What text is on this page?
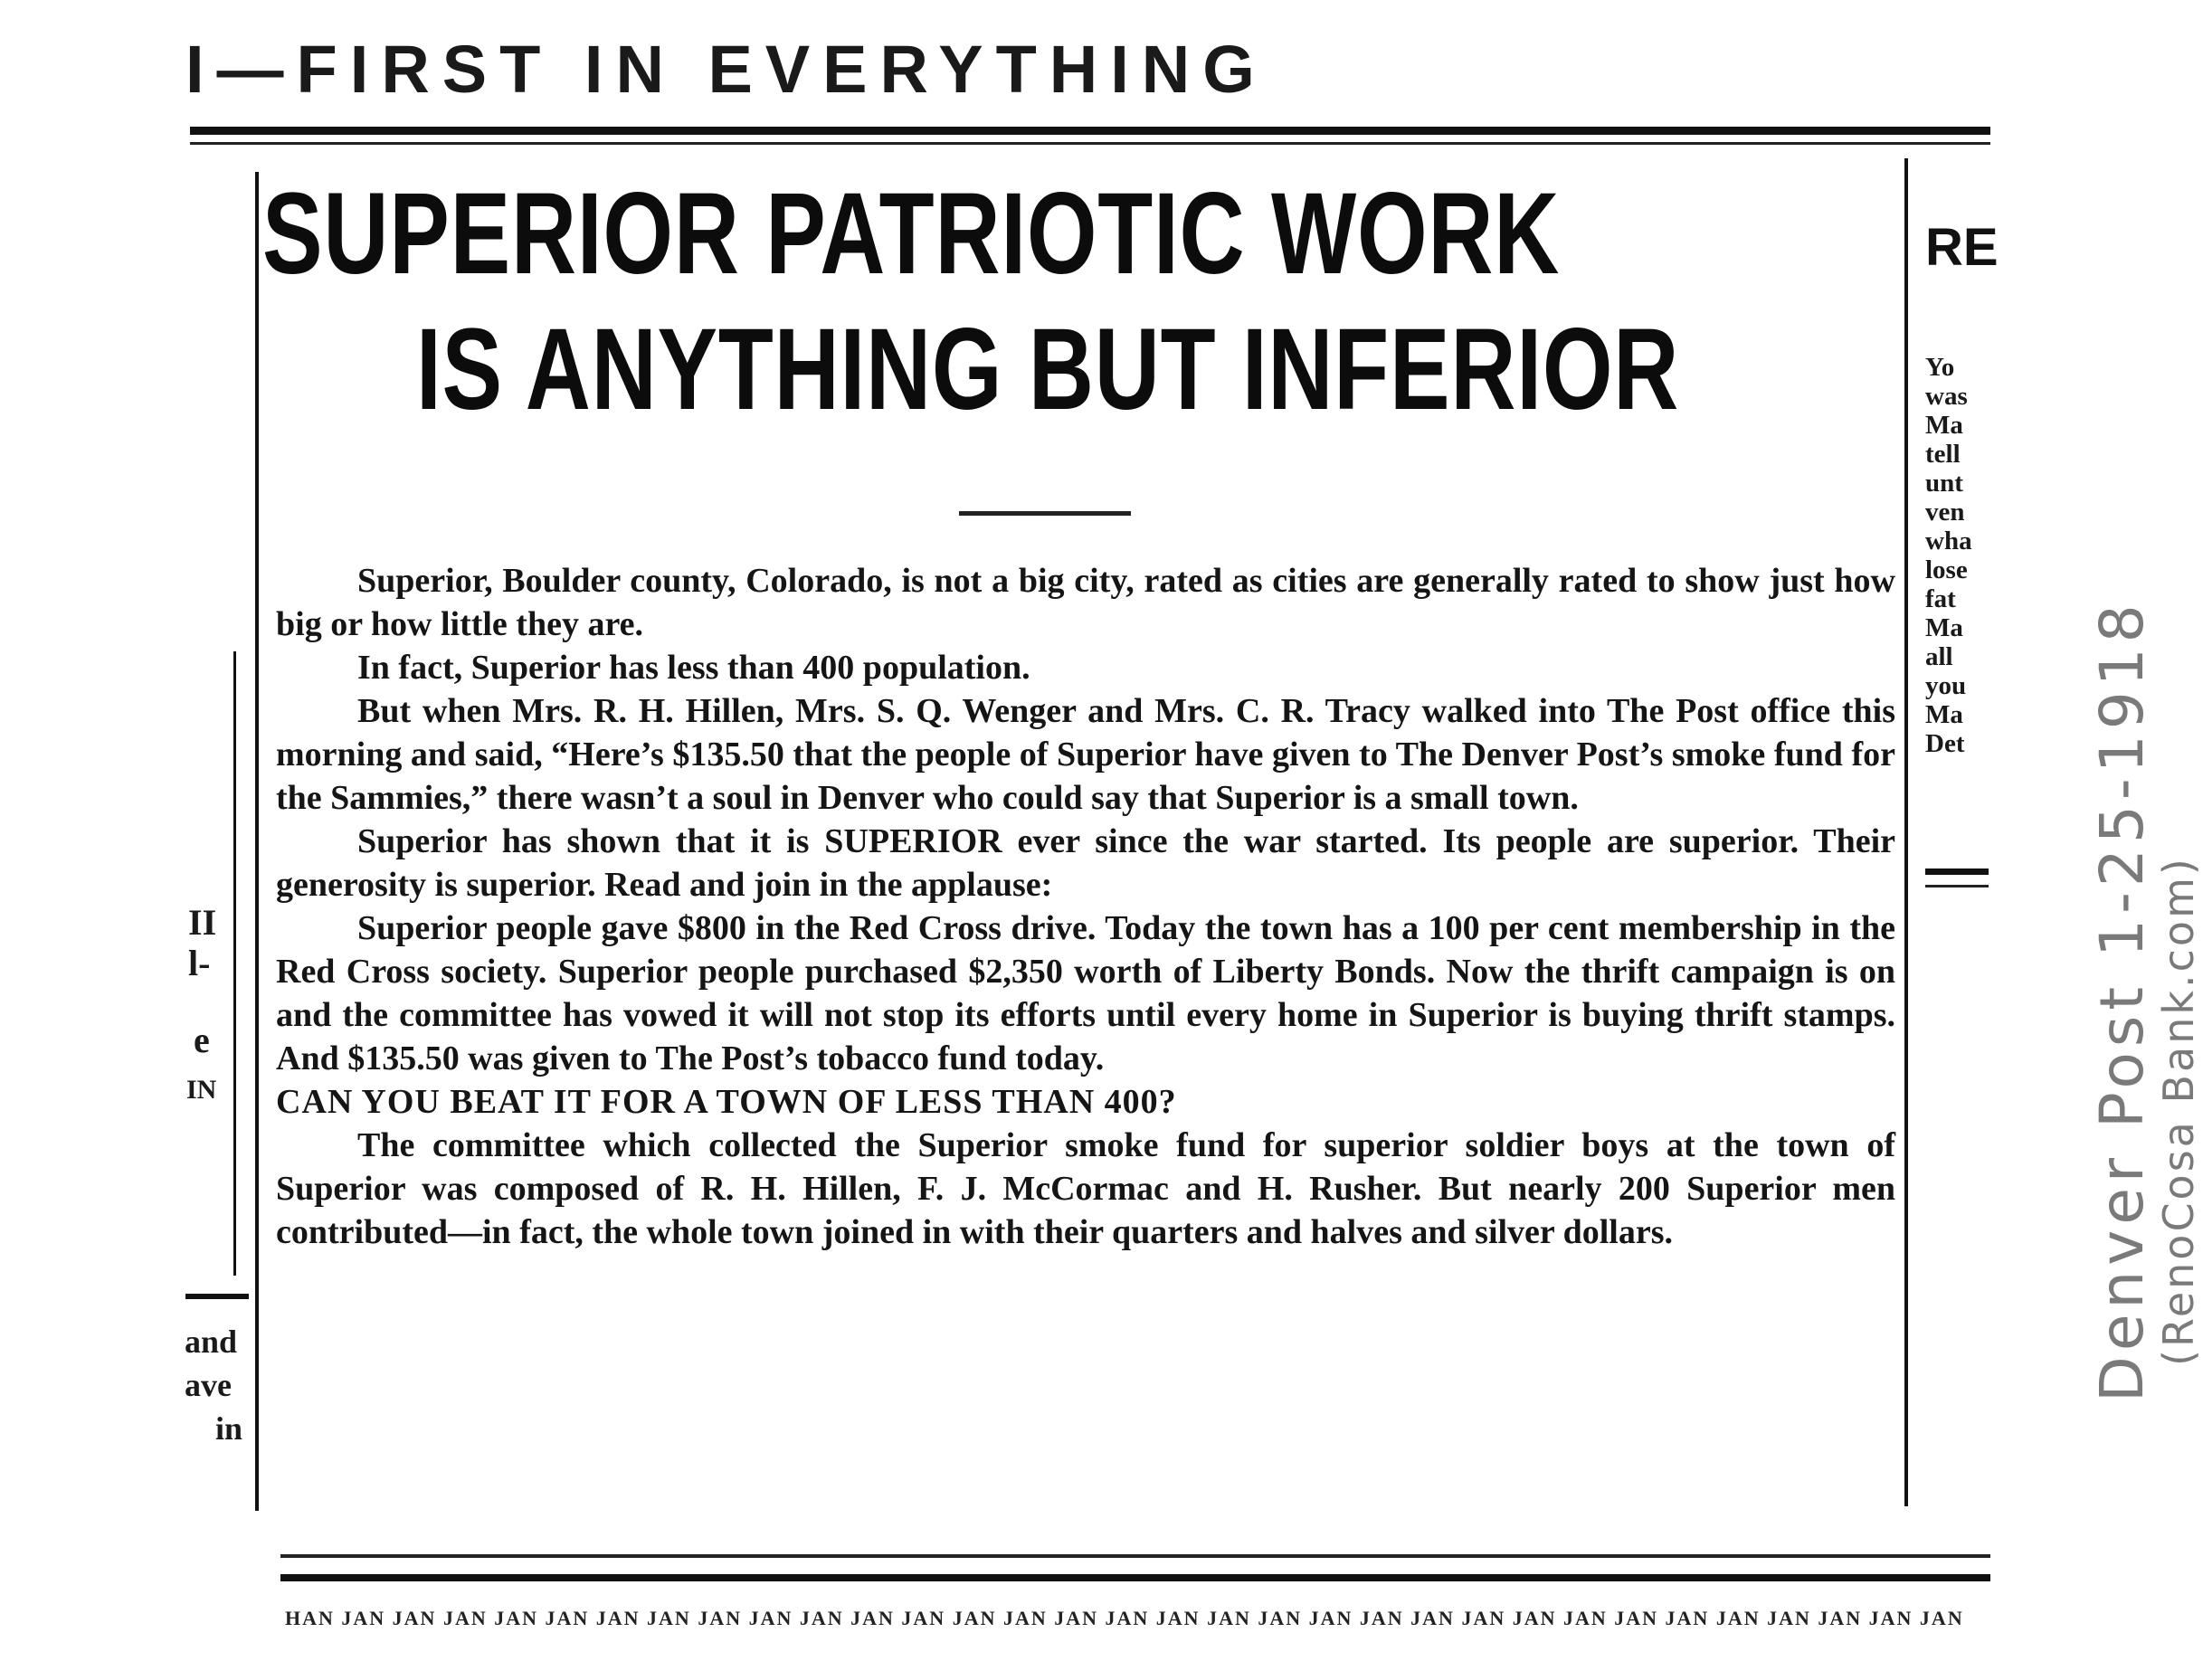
I—FIRST IN EVERYTHING
SUPERIOR PATRIOTIC WORK
IS ANYTHING BUT INFERIOR

Superior, Boulder county, Colorado, is not a big city, rated as cities are generally rated to show just how big or how little they are.

In fact, Superior has less than 400 population.

But when Mrs. R. H. Hillen, Mrs. S. Q. Wenger and Mrs. C. R. Tracy walked into The Post office this morning and said, “Here’s $135.50 that the people of Superior have given to The Denver Post’s smoke fund for the Sammies,” there wasn’t a soul in Denver who could say that Superior is a small town.

Superior has shown that it is SUPERIOR ever since the war started. Its people are superior. Their generosity is superior. Read and join in the applause:

Superior people gave $800 in the Red Cross drive. Today the town has a 100 per cent membership in the Red Cross society. Superior people purchased $2,350 worth of Liberty Bonds. Now the thrift campaign is on and the committee has vowed it will not stop its efforts until every home in Superior is buying thrift stamps. And $135.50 was given to The Post’s tobacco fund today.

CAN YOU BEAT IT FOR A TOWN OF LESS THAN 400?

The committee which collected the Superior smoke fund for superior soldier boys at the town of Superior was composed of R. H. Hillen, F. J. McCormac and H. Rusher. But nearly 200 Superior men contributed—in fact, the whole town joined in with their quarters and halves and silver dollars.

HAN JAN JAN JAN JAN JAN JAN JAN JAN JAN JAN JAN JAN JAN JAN JAN JAN JAN JAN JAN JAN JAN JAN JAN JAN JAN JAN JAN JAN JAN JAN JAN JAN
RE
Yo
was
Ma
tell
unt
ven
wha
lose
fat
Ma
all
you
Ma
Det
II
l-
e
IN
and
ave
in
Denver Post 1-25-1918
(RenoCosa Bank.com)
